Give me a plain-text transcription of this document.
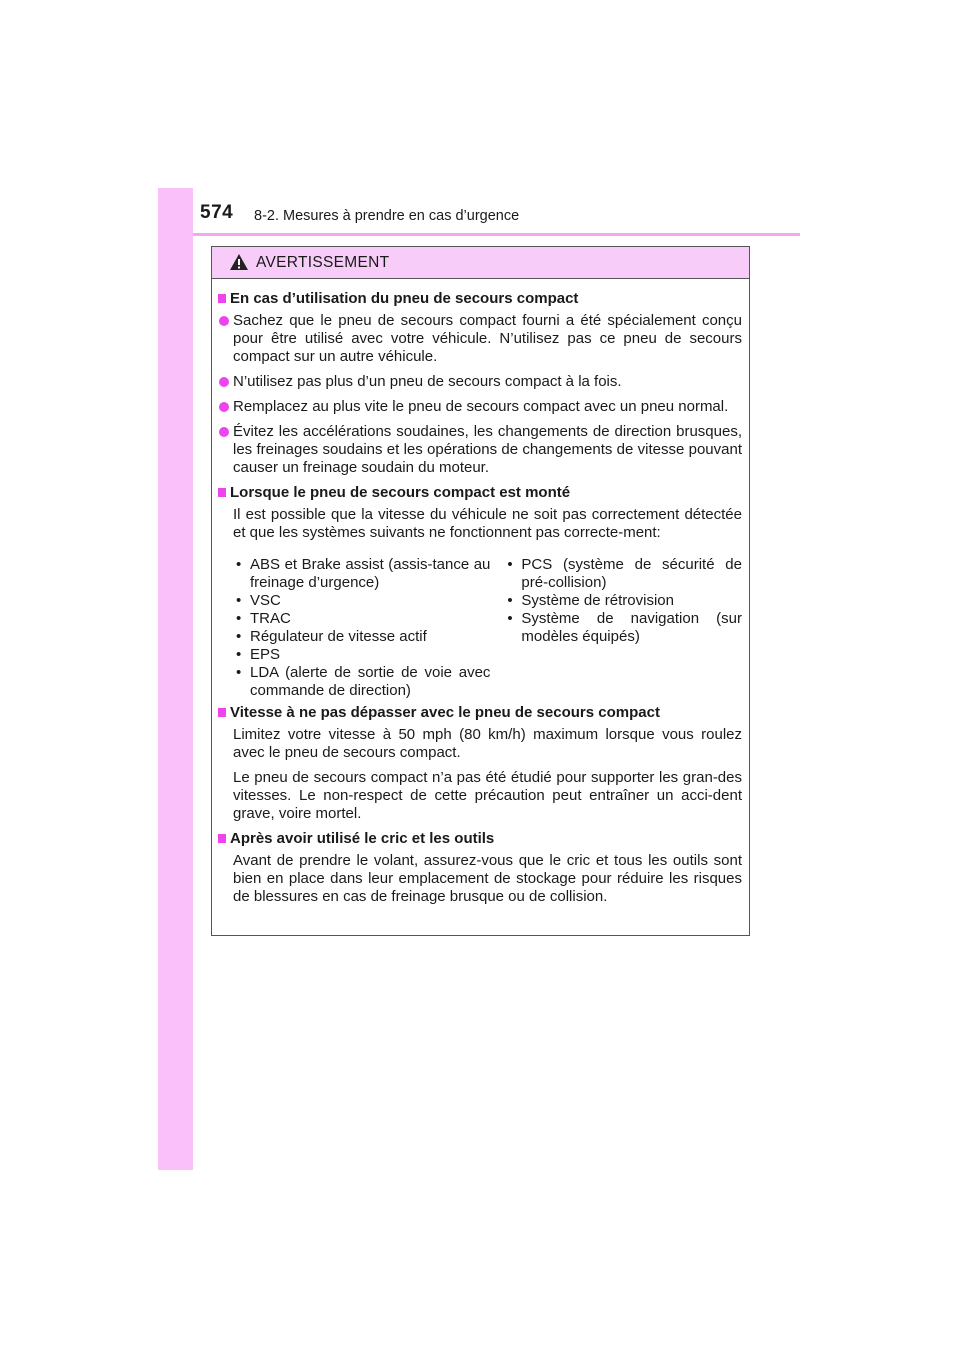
574 8-2. Mesures à prendre en cas d’urgence
AVERTISSEMENT
En cas d’utilisation du pneu de secours compact
Sachez que le pneu de secours compact fourni a été spécialement conçu pour être utilisé avec votre véhicule. N’utilisez pas ce pneu de secours compact sur un autre véhicule.
N’utilisez pas plus d’un pneu de secours compact à la fois.
Remplacez au plus vite le pneu de secours compact avec un pneu normal.
Évitez les accélérations soudaines, les changements de direction brusques, les freinages soudains et les opérations de changements de vitesse pouvant causer un freinage soudain du moteur.
Lorsque le pneu de secours compact est monté
Il est possible que la vitesse du véhicule ne soit pas correctement détectée et que les systèmes suivants ne fonctionnent pas correcte-ment:
• ABS et Brake assist (assis-tance au freinage d’urgence)
• VSC
• TRAC
• Régulateur de vitesse actif
• EPS
• LDA (alerte de sortie de voie avec commande de direction)
• PCS (système de sécurité de pré-collision)
• Système de rétrovision
• Système de navigation (sur modèles équipés)
Vitesse à ne pas dépasser avec le pneu de secours compact
Limitez votre vitesse à 50 mph (80 km/h) maximum lorsque vous roulez avec le pneu de secours compact.
Le pneu de secours compact n’a pas été étudié pour supporter les gran-des vitesses. Le non-respect de cette précaution peut entraîner un acci-dent grave, voire mortel.
Après avoir utilisé le cric et les outils
Avant de prendre le volant, assurez-vous que le cric et tous les outils sont bien en place dans leur emplacement de stockage pour réduire les risques de blessures en cas de freinage brusque ou de collision.
